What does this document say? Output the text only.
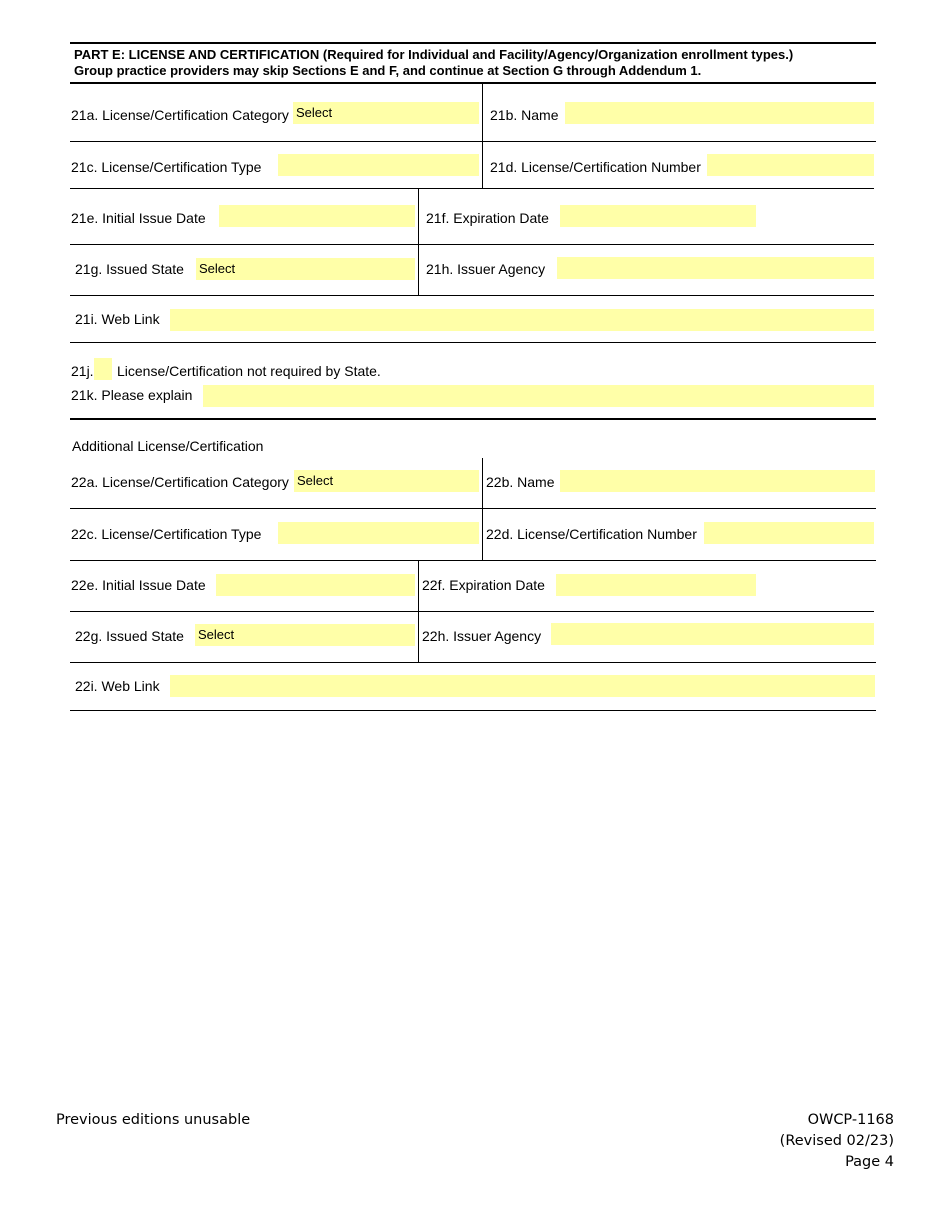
PART E: LICENSE AND CERTIFICATION (Required for Individual and Facility/Agency/Organization enrollment types.)
Group practice providers may skip Sections E and F, and continue at Section G through Addendum 1.
21a. License/Certification Category Select	21b. Name
21c. License/Certification Type	21d. License/Certification Number
21e. Initial Issue Date	21f. Expiration Date
21g. Issued State Select	21h. Issuer Agency
21i. Web Link
21j. License/Certification not required by State.
21k. Please explain
Additional License/Certification
22a. License/Certification Category Select	22b. Name
22c. License/Certification Type	22d. License/Certification Number
22e. Initial Issue Date	22f. Expiration Date
22g. Issued State Select	22h. Issuer Agency
22i. Web Link
Previous editions unusable	OWCP-1168
(Revised 02/23)
Page 4
